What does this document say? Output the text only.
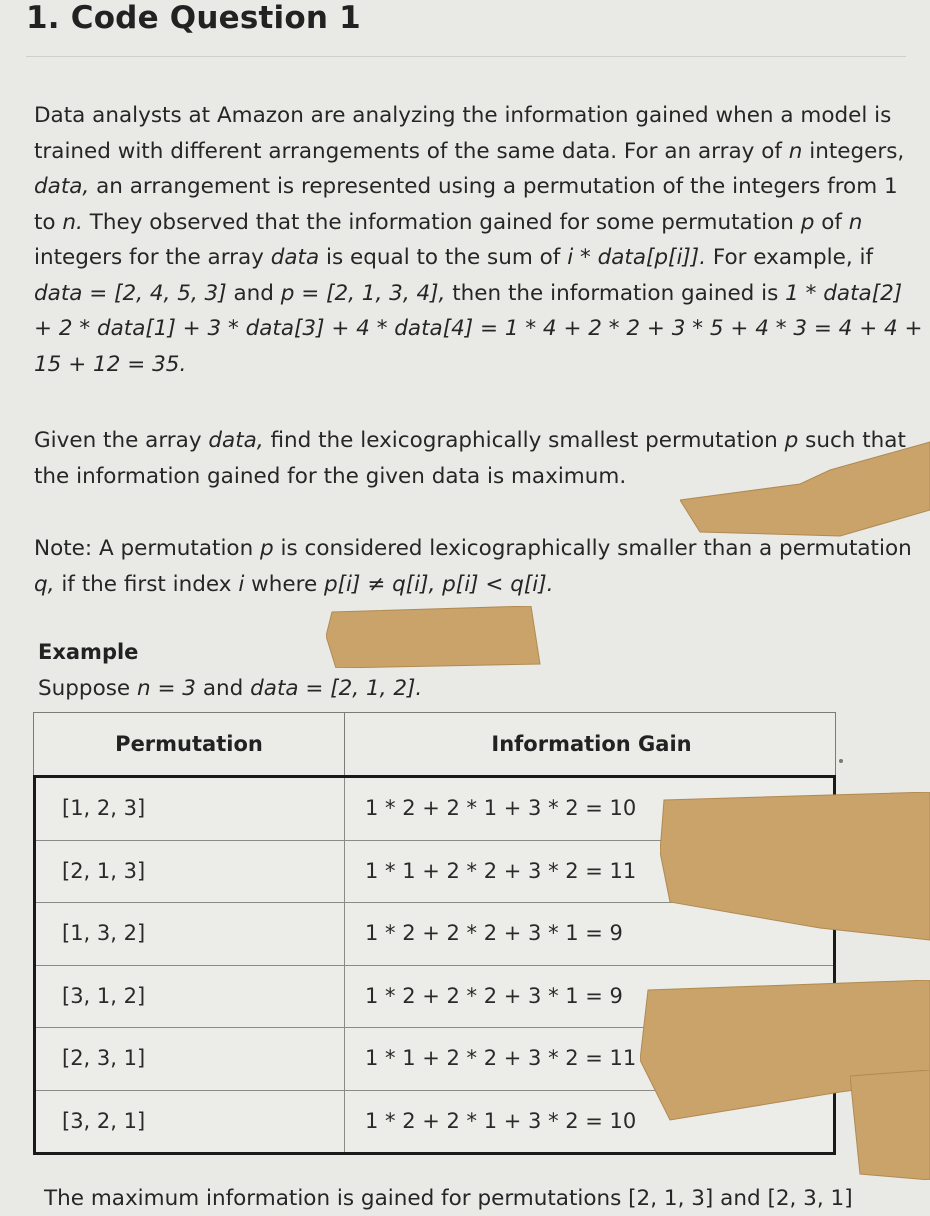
1. Code Question 1
Data analysts at Amazon are analyzing the information gained when a model is trained with different arrangements of the same data. For an array of n integers, data, an arrangement is represented using a permutation of the integers from 1 to n. They observed that the information gained for some permutation p of n integers for the array data is equal to the sum of i * data[p[i]]. For example, if data = [2, 4, 5, 3] and p = [2, 1, 3, 4], then the information gained is 1 * data[2] + 2 * data[1] + 3 * data[3] + 4 * data[4] = 1 * 4 + 2 * 2 + 3 * 5 + 4 * 3 = 4 + 4 + 15 + 12 = 35.
Given the array data, find the lexicographically smallest permutation p such that the information gained for the given data is maximum.
Note: A permutation p is considered lexicographically smaller than a permutation q, if the first index i where p[i] ≠ q[i], p[i] < q[i].
Example
Suppose n = 3 and data = [2, 1, 2].
Permutation	Information Gain
[1, 2, 3]	1 * 2 + 2 * 1 + 3 * 2 = 10
[2, 1, 3]	1 * 1 + 2 * 2 + 3 * 2 = 11
[1, 3, 2]	1 * 2 + 2 * 2 + 3 * 1 = 9
[3, 1, 2]	1 * 2 + 2 * 2 + 3 * 1 = 9
[2, 3, 1]	1 * 1 + 2 * 2 + 3 * 2 = 11
[3, 2, 1]	1 * 2 + 2 * 1 + 3 * 2 = 10
The maximum information is gained for permutations [2, 1, 3] and [2, 3, 1]
